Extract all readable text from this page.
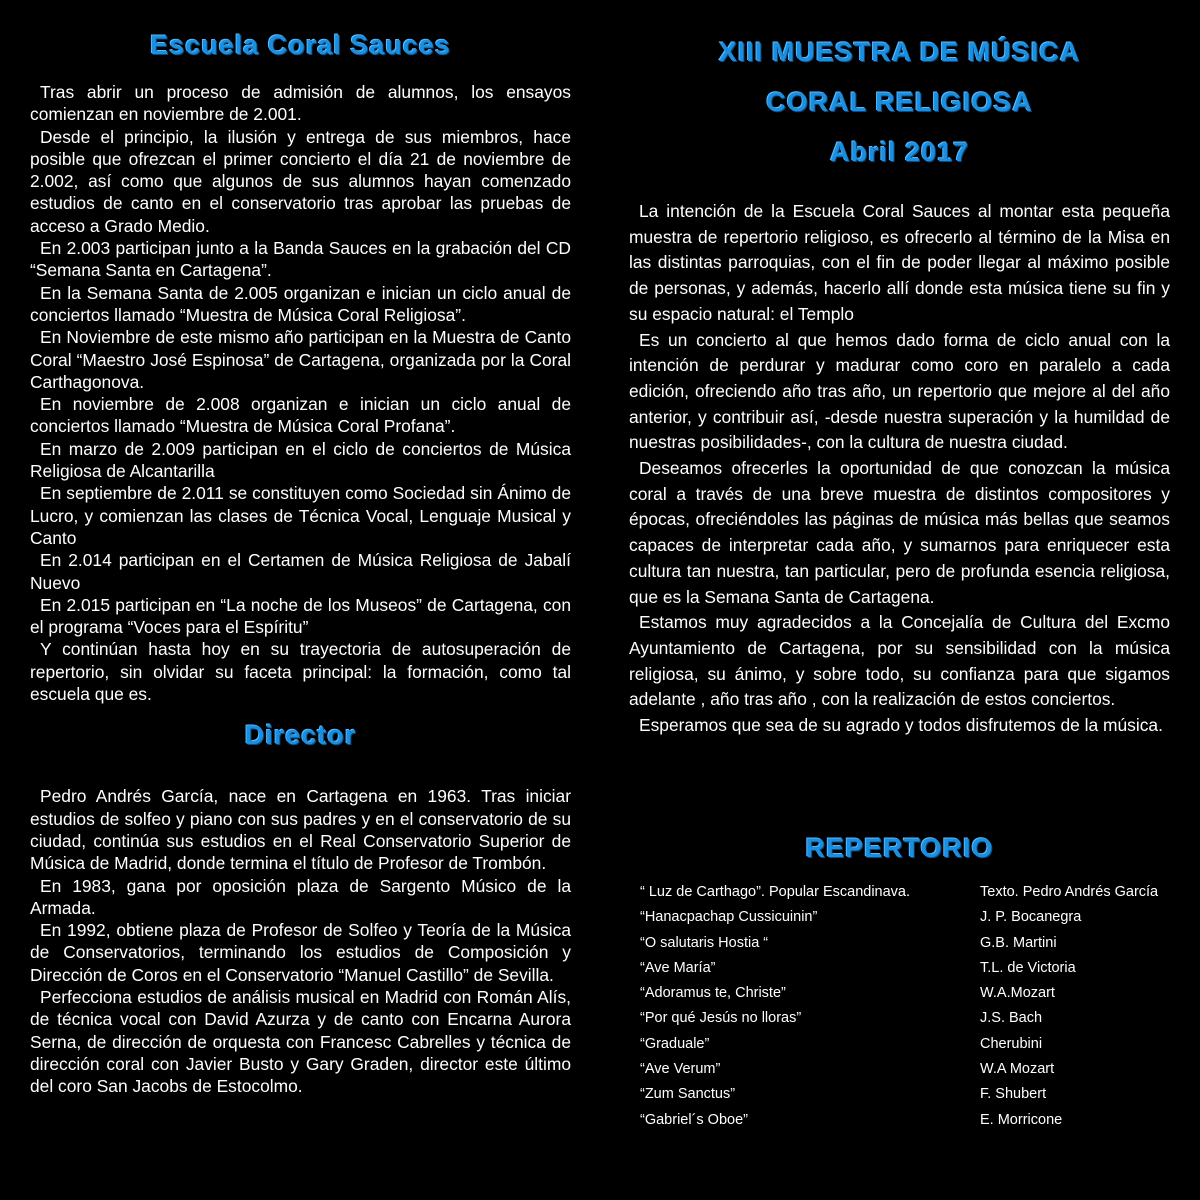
Escuela Coral Sauces

Tras abrir un proceso de admisión de alumnos, los ensayos comienzan en noviembre de 2.001.

Desde el principio, la ilusión y entrega de sus miembros, hace posible que ofrezcan el primer concierto el día 21 de noviembre de 2.002, así como que algunos de sus alumnos hayan comenzado estudios de canto en el conservatorio tras aprobar las pruebas de acceso a Grado Medio.

En 2.003 participan junto a la Banda Sauces en la grabación del CD “Semana Santa en Cartagena”.

En la Semana Santa de 2.005 organizan e inician un ciclo anual de conciertos llamado “Muestra de Música Coral Religiosa”.

En Noviembre de este mismo año participan en la Muestra de Canto Coral “Maestro José Espinosa” de Cartagena, organizada por la Coral Carthagonova.

En noviembre de 2.008 organizan e inician un ciclo anual de conciertos llamado “Muestra de Música Coral Profana”.

En marzo de 2.009 participan en el ciclo de conciertos de Música Religiosa de Alcantarilla

En septiembre de 2.011 se constituyen como Sociedad sin Ánimo de Lucro, y comienzan las clases de Técnica Vocal, Lenguaje Musical y Canto

En 2.014 participan en el Certamen de Música Religiosa de Jabalí Nuevo

En 2.015 participan en “La noche de los Museos” de Cartagena, con el programa “Voces para el Espíritu”

Y continúan hasta hoy en su trayectoria de autosuperación de repertorio, sin olvidar su faceta principal: la formación, como tal escuela que es.

Director

Pedro Andrés García, nace en Cartagena en 1963. Tras iniciar estudios de solfeo y piano con sus padres y en el conservatorio de su ciudad, continúa sus estudios en el Real Conservatorio Superior de Música de Madrid, donde termina el título de Profesor de Trombón.

En 1983, gana por oposición plaza de Sargento Músico de la Armada.

En 1992, obtiene plaza de Profesor de Solfeo y Teoría de la Música de Conservatorios, terminando los estudios de Composición y Dirección de Coros en el Conservatorio “Manuel Castillo” de Sevilla.

Perfecciona estudios de análisis musical en Madrid con Román Alís, de técnica vocal con David Azurza y de canto con Encarna Aurora Serna, de dirección de orquesta con Francesc Cabrelles y técnica de dirección coral con Javier Busto y Gary Graden, director este último del coro San Jacobs de Estocolmo.

XIII MUESTRA DE MÚSICA
CORAL RELIGIOSA
Abril 2017

La intención de la Escuela Coral Sauces al montar esta pequeña muestra de repertorio religioso, es ofrecerlo al término de la Misa en las distintas parroquias, con el fin de poder llegar al máximo posible de personas, y además, hacerlo allí donde esta música tiene su fin y su espacio natural: el Templo

Es un concierto al que hemos dado forma de ciclo anual con la intención de perdurar y madurar como coro en paralelo a cada edición, ofreciendo año tras año, un repertorio que mejore al del año anterior, y contribuir así, -desde nuestra superación y la humildad de nuestras posibilidades-, con la cultura de nuestra ciudad.

Deseamos ofrecerles la oportunidad de que conozcan la música coral a través de una breve muestra de distintos compositores y épocas, ofreciéndoles las páginas de música más bellas que seamos capaces de interpretar cada año, y sumarnos para enriquecer esta cultura tan nuestra, tan particular, pero de profunda esencia religiosa, que es la Semana Santa de Cartagena.

Estamos muy agradecidos a la Concejalía de Cultura del Excmo Ayuntamiento de Cartagena, por su sensibilidad con la música religiosa, su ánimo, y sobre todo, su confianza para que sigamos adelante , año tras año , con la realización de estos conciertos.

Esperamos que sea de su agrado y todos disfrutemos de la música.

REPERTORIO
“ Luz de Carthago”. Popular Escandinava.	Texto. Pedro Andrés García
“Hanacpachap Cussicuinin”	J. P. Bocanegra
“O salutaris Hostia “	G.B. Martini
“Ave María”	T.L. de Victoria
“Adoramus te, Christe”	W.A.Mozart
“Por qué Jesús no lloras”	J.S. Bach
“Graduale”	Cherubini
“Ave Verum”	W.A Mozart
“Zum Sanctus”	F. Shubert
“Gabriel´s Oboe”	E. Morricone
